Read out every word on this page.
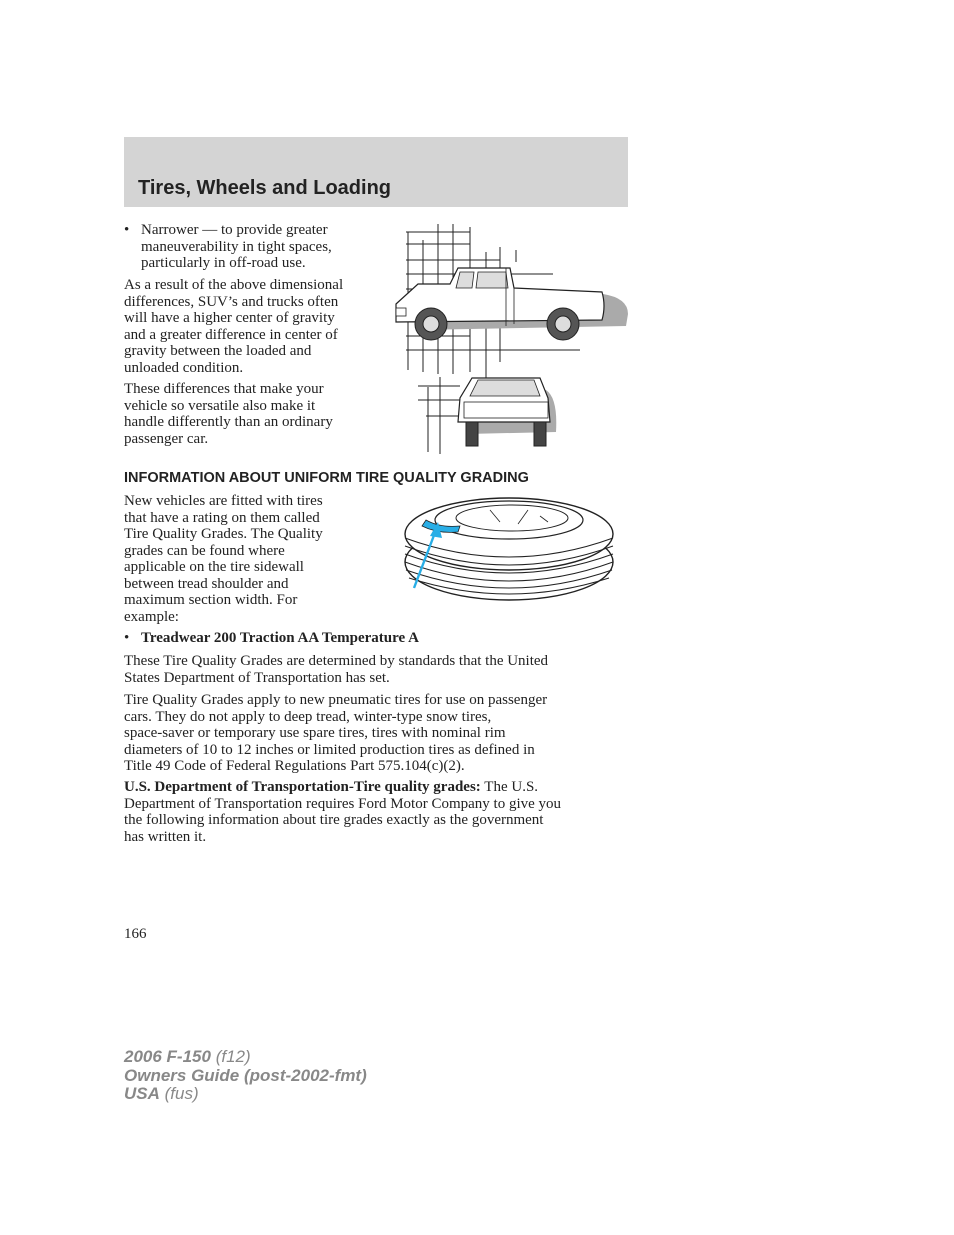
Tires, Wheels and Loading
• Narrower — to provide greater
maneuverability in tight spaces,
particularly in off-road use.
As a result of the above dimensional
differences, SUV’s and trucks often
will have a higher center of gravity
and a greater difference in center of
gravity between the loaded and
unloaded condition.
These differences that make your
vehicle so versatile also make it
handle differently than an ordinary
passenger car.
INFORMATION ABOUT UNIFORM TIRE QUALITY GRADING
New vehicles are fitted with tires
that have a rating on them called
Tire Quality Grades. The Quality
grades can be found where
applicable on the tire sidewall
between tread shoulder and
maximum section width. For
example:
• Treadwear 200 Traction AA Temperature A
These Tire Quality Grades are determined by standards that the United
States Department of Transportation has set.
Tire Quality Grades apply to new pneumatic tires for use on passenger
cars. They do not apply to deep tread, winter-type snow tires,
space-saver or temporary use spare tires, tires with nominal rim
diameters of 10 to 12 inches or limited production tires as defined in
Title 49 Code of Federal Regulations Part 575.104(c)(2).
U.S. Department of Transportation-Tire quality grades: The U.S.
Department of Transportation requires Ford Motor Company to give you
the following information about tire grades exactly as the government
has written it.
166
2006 F-150 (f12)
Owners Guide (post-2002-fmt)
USA (fus)
